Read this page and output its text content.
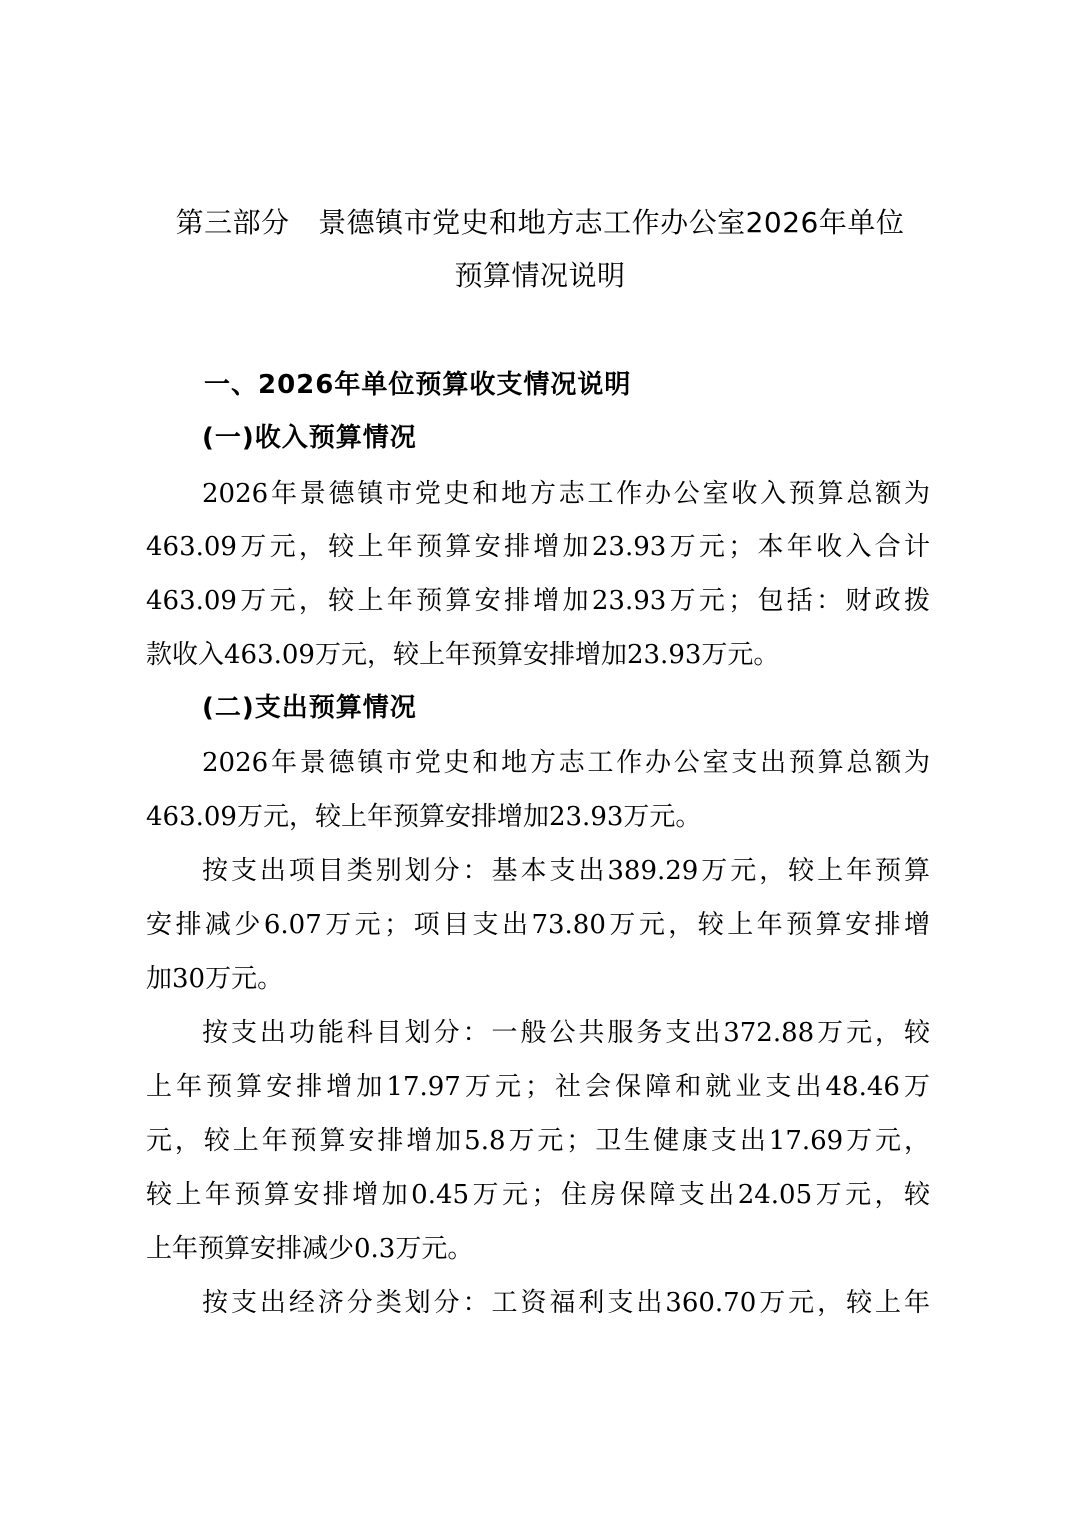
第三部分　景德镇市党史和地方志工作办公室2026年单位
预算情况说明
一、2026年单位预算收支情况说明
(一)收入预算情况
2026年景德镇市党史和地方志工作办公室收入预算总额为
463.09万元，较上年预算安排增加23.93万元；本年收入合计
463.09万元，较上年预算安排增加23.93万元；包括：财政拨
款收入463.09万元，较上年预算安排增加23.93万元。
(二)支出预算情况
2026年景德镇市党史和地方志工作办公室支出预算总额为
463.09万元，较上年预算安排增加23.93万元。
按支出项目类别划分：基本支出389.29万元，较上年预算
安排减少6.07万元；项目支出73.80万元，较上年预算安排增
加30万元。
按支出功能科目划分：一般公共服务支出372.88万元，较
上年预算安排增加17.97万元；社会保障和就业支出48.46万
元，较上年预算安排增加5.8万元；卫生健康支出17.69万元，
较上年预算安排增加0.45万元；住房保障支出24.05万元，较
上年预算安排减少0.3万元。
按支出经济分类划分：工资福利支出360.70万元，较上年
